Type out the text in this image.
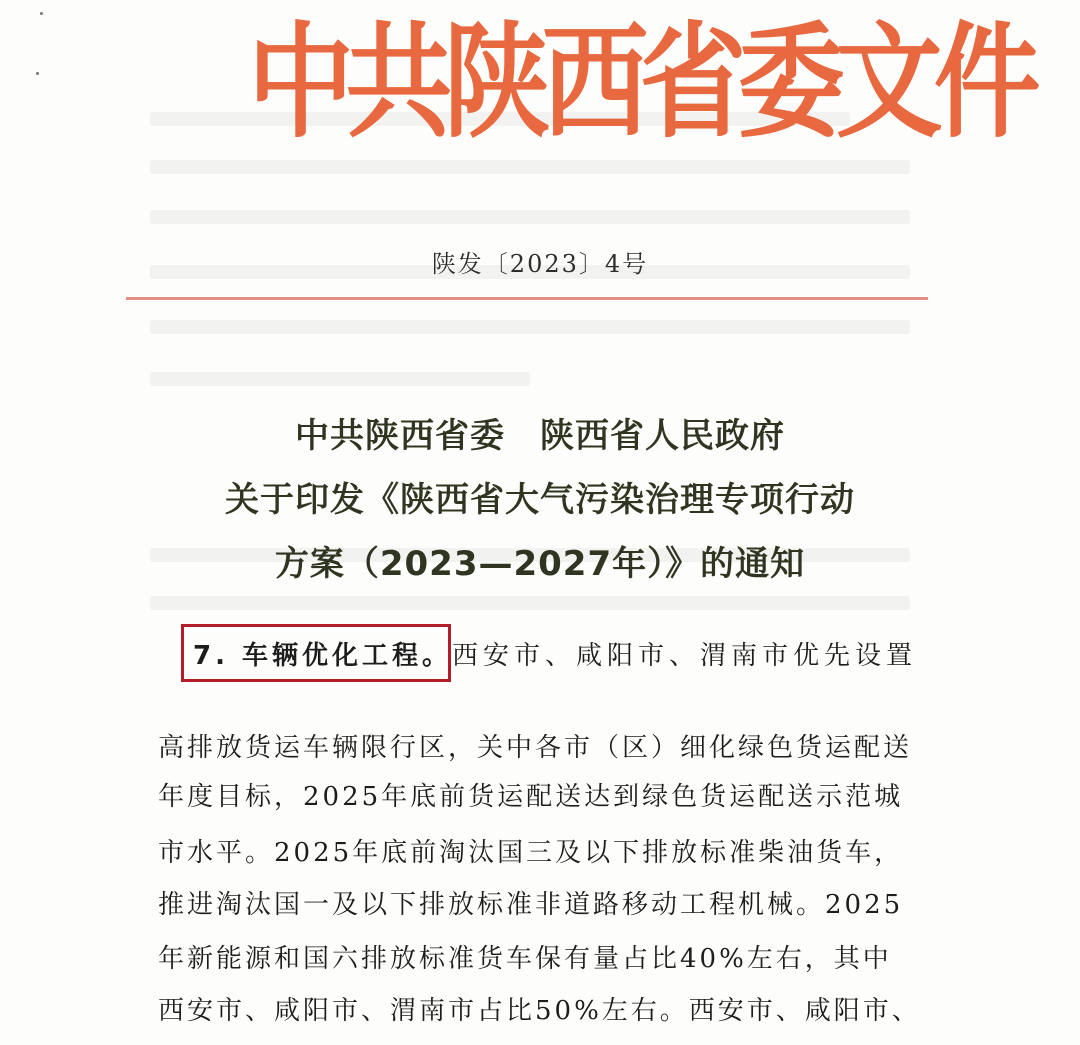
中共陕西省委文件
陕发〔2023〕4号
中共陕西省委　陕西省人民政府
关于印发《陕西省大气污染治理专项行动
方案（2023—2027年）》的通知
7. 车辆优化工程。西安市、咸阳市、渭南市优先设置
高排放货运车辆限行区，关中各市（区）细化绿色货运配送
年度目标，2025年底前货运配送达到绿色货运配送示范城
市水平。2025年底前淘汰国三及以下排放标准柴油货车，
推进淘汰国一及以下排放标准非道路移动工程机械。2025
年新能源和国六排放标准货车保有量占比40%左右，其中
西安市、咸阳市、渭南市占比50%左右。西安市、咸阳市、
